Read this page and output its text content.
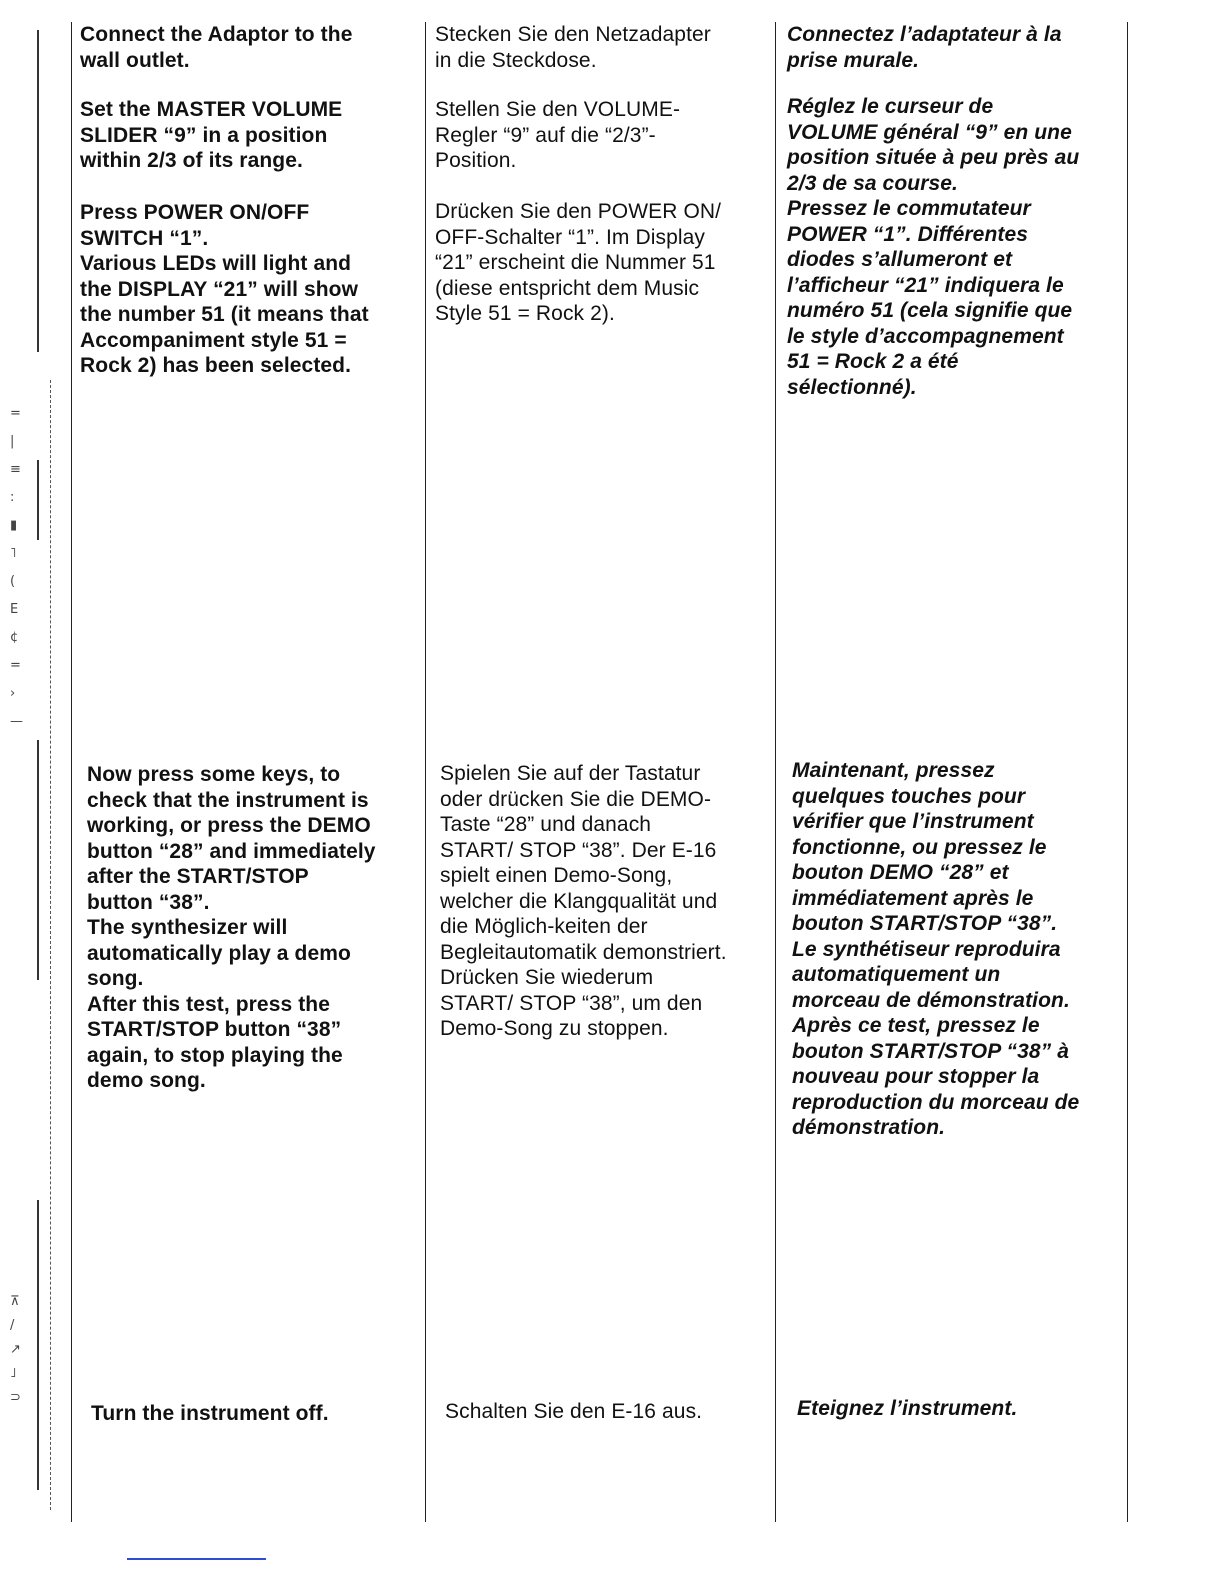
=
|
≡
:
▮
˥
(
E
¢
=
›
—
⊼
/
↗
˩
⊃

Connect the Adaptor to the
wall outlet.

Stecken Sie den Netzadapter
in die Steckdose.

Connectez l’adaptateur à la
prise murale.

Set the MASTER VOLUME
SLIDER “9” in a position
within 2/3 of its range.

Stellen Sie den VOLUME-
Regler “9” auf die “2/3”-
Position.

Réglez le curseur de
VOLUME général “9” en une
position située à peu près au
2/3 de sa course.

Press POWER ON/OFF
SWITCH “1”.
Various LEDs will light and
the DISPLAY “21” will show
the number 51 (it means that
Accompaniment style 51 =
Rock 2) has been selected.

Drücken Sie den POWER ON/
OFF-Schalter “1”. Im Display
“21” erscheint die Nummer 51
(diese entspricht dem Music
Style 51 = Rock 2).

Pressez le commutateur
POWER “1”. Différentes
diodes s’allumeront et
l’afficheur “21” indiquera le
numéro 51 (cela signifie que
le style d’accompagnement
51 = Rock 2 a été
sélectionné).

Now press some keys, to
check that the instrument is
working, or press the DEMO
button “28” and immediately
after the START/STOP
button “38”.
The synthesizer will
automatically play a demo
song.
After this test, press the
START/STOP button “38”
again, to stop playing the
demo song.

Spielen Sie auf der Tastatur
oder drücken Sie die DEMO-
Taste “28” und danach
START/ STOP “38”. Der E-16
spielt einen Demo-Song,
welcher die Klangqualität und
die Möglich-keiten der
Begleitautomatik demonstriert.
Drücken Sie wiederum
START/ STOP “38”, um den
Demo-Song zu stoppen.

Maintenant, pressez
quelques touches pour
vérifier que l’instrument
fonctionne, ou pressez le
bouton DEMO “28” et
immédiatement après le
bouton START/STOP “38”.
Le synthétiseur reproduira
automatiquement un
morceau de démonstration.
Après ce test, pressez le
bouton START/STOP “38” à
nouveau pour stopper la
reproduction du morceau de
démonstration.

Turn the instrument off.	Schalten Sie den E-16 aus.	Eteignez l’instrument.
